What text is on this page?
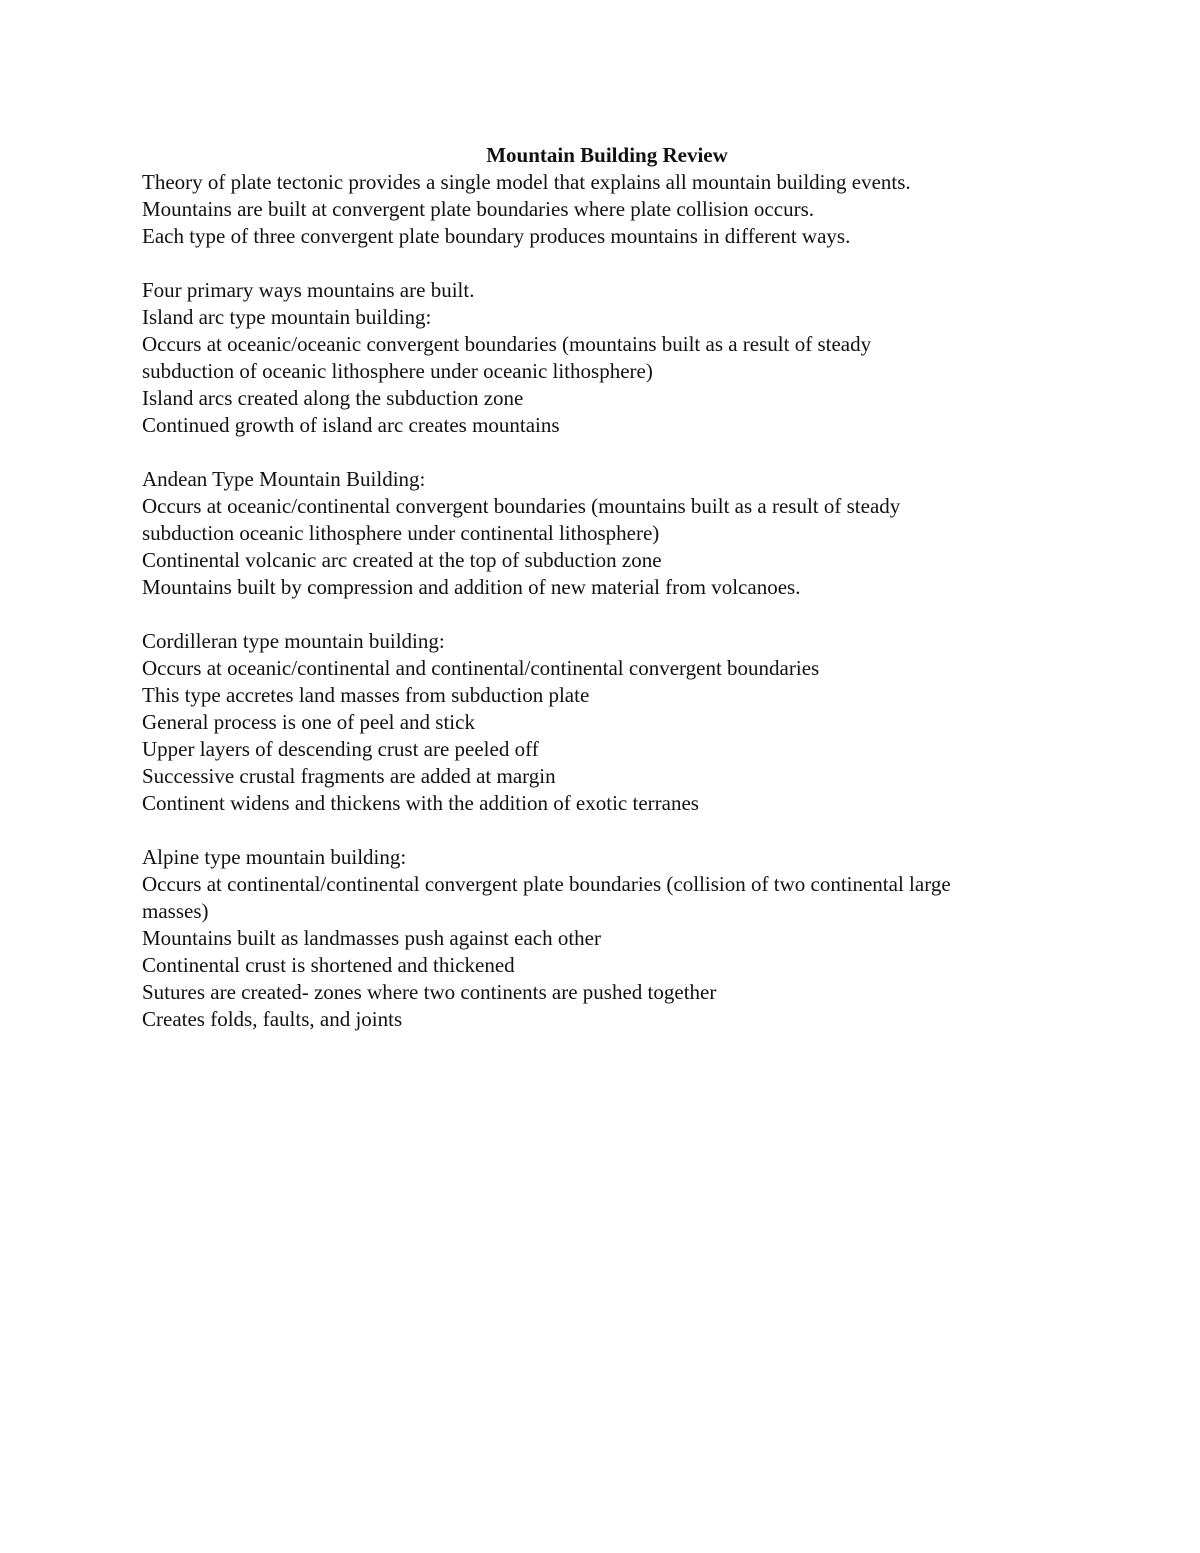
Mountain Building Review

Theory of plate tectonic provides a single model that explains all mountain building events.

Mountains are built at convergent plate boundaries where plate collision occurs.

Each type of three convergent plate boundary produces mountains in different ways.

Four primary ways mountains are built.

Island arc type mountain building:

Occurs at oceanic/oceanic convergent boundaries (mountains built as a result of steady

subduction of oceanic lithosphere under oceanic lithosphere)

Island arcs created along the subduction zone

Continued growth of island arc creates mountains

Andean Type Mountain Building:

Occurs at oceanic/continental convergent boundaries (mountains built as a result of steady

subduction oceanic lithosphere under continental lithosphere)

Continental volcanic arc created at the top of subduction zone

Mountains built by compression and addition of new material from volcanoes.

Cordilleran type mountain building:

Occurs at oceanic/continental and continental/continental convergent boundaries

This type accretes land masses from subduction plate

General process is one of peel and stick

Upper layers of descending crust are peeled off

Successive crustal fragments are added at margin

Continent widens and thickens with the addition of exotic terranes

Alpine type mountain building:

Occurs at continental/continental convergent plate boundaries (collision of two continental large

masses)

Mountains built as landmasses push against each other

Continental crust is shortened and thickened

Sutures are created- zones where two continents are pushed together

Creates folds, faults, and joints
